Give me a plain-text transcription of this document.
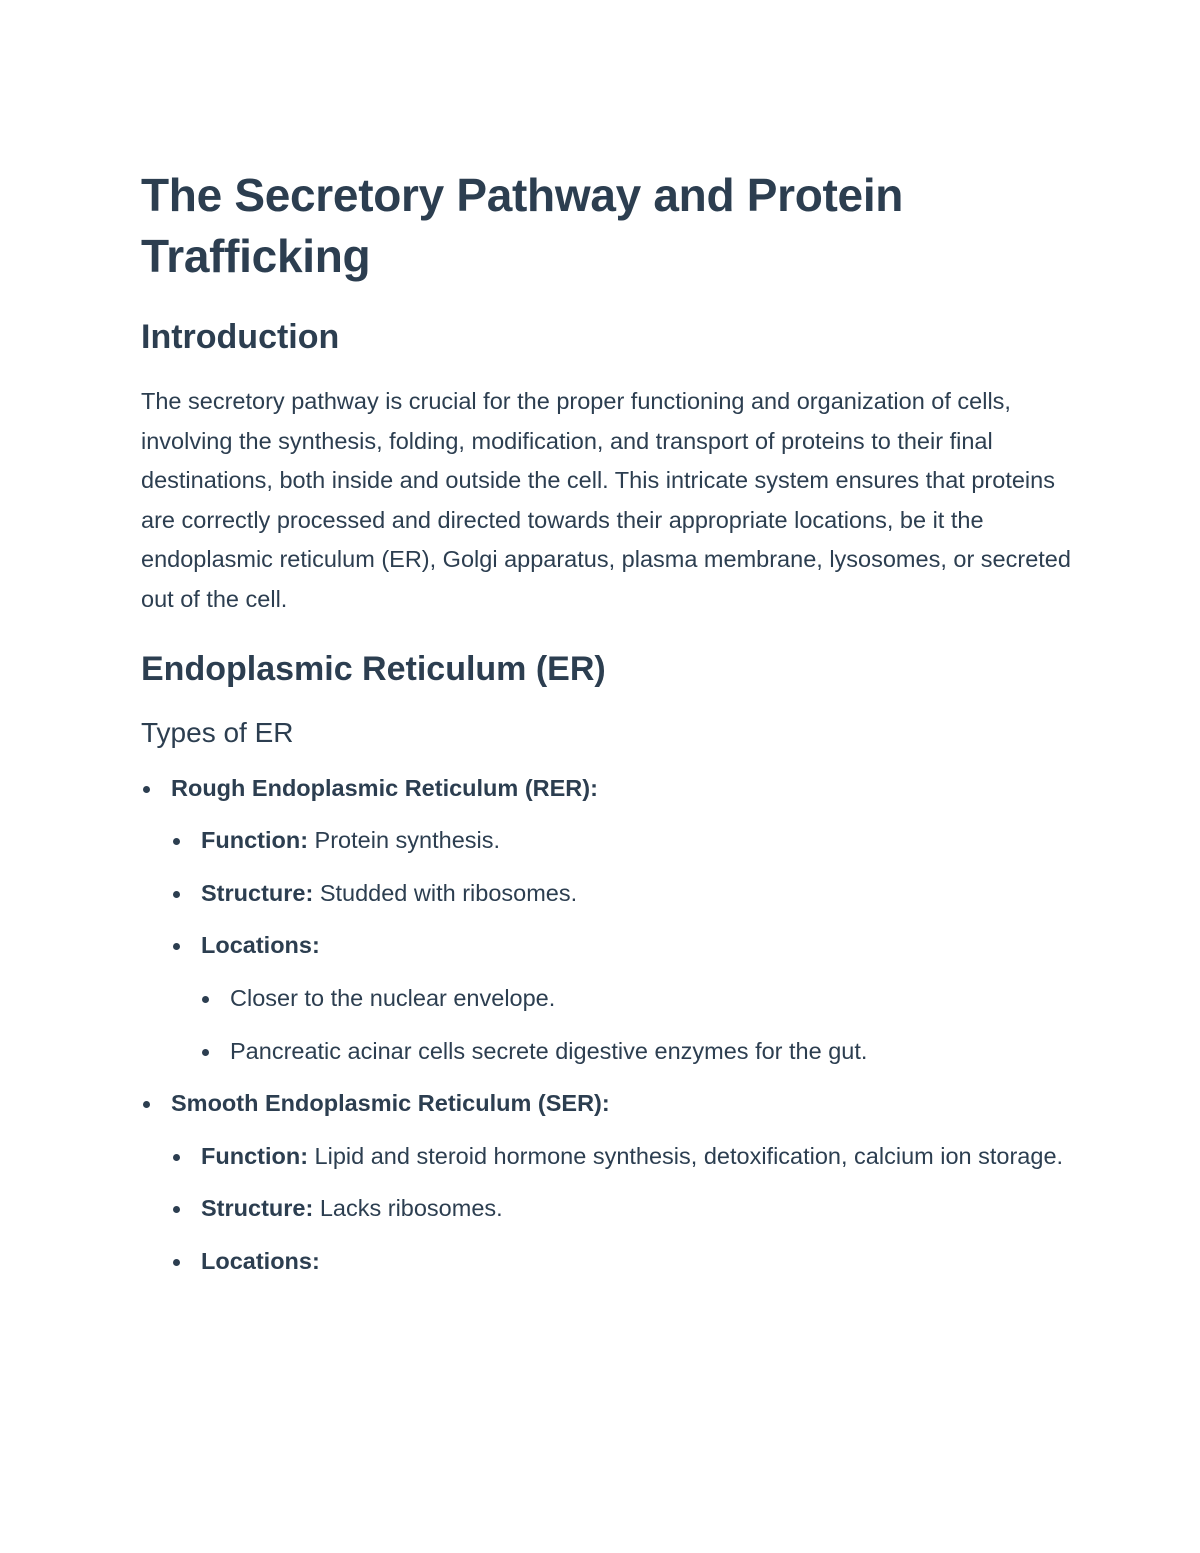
The Secretory Pathway and Protein Trafficking
Introduction

The secretory pathway is crucial for the proper functioning and organization of cells, involving the synthesis, folding, modification, and transport of proteins to their final destinations, both inside and outside the cell. This intricate system ensures that proteins are correctly processed and directed towards their appropriate locations, be it the endoplasmic reticulum (ER), Golgi apparatus, plasma membrane, lysosomes, or secreted out of the cell.

Endoplasmic Reticulum (ER)
Types of ER
Rough Endoplasmic Reticulum (RER):
Function: Protein synthesis.
Structure: Studded with ribosomes.
Locations:
Closer to the nuclear envelope.
Pancreatic acinar cells secrete digestive enzymes for the gut.
Smooth Endoplasmic Reticulum (SER):
Function: Lipid and steroid hormone synthesis, detoxification, calcium ion storage.
Structure: Lacks ribosomes.
Locations:
